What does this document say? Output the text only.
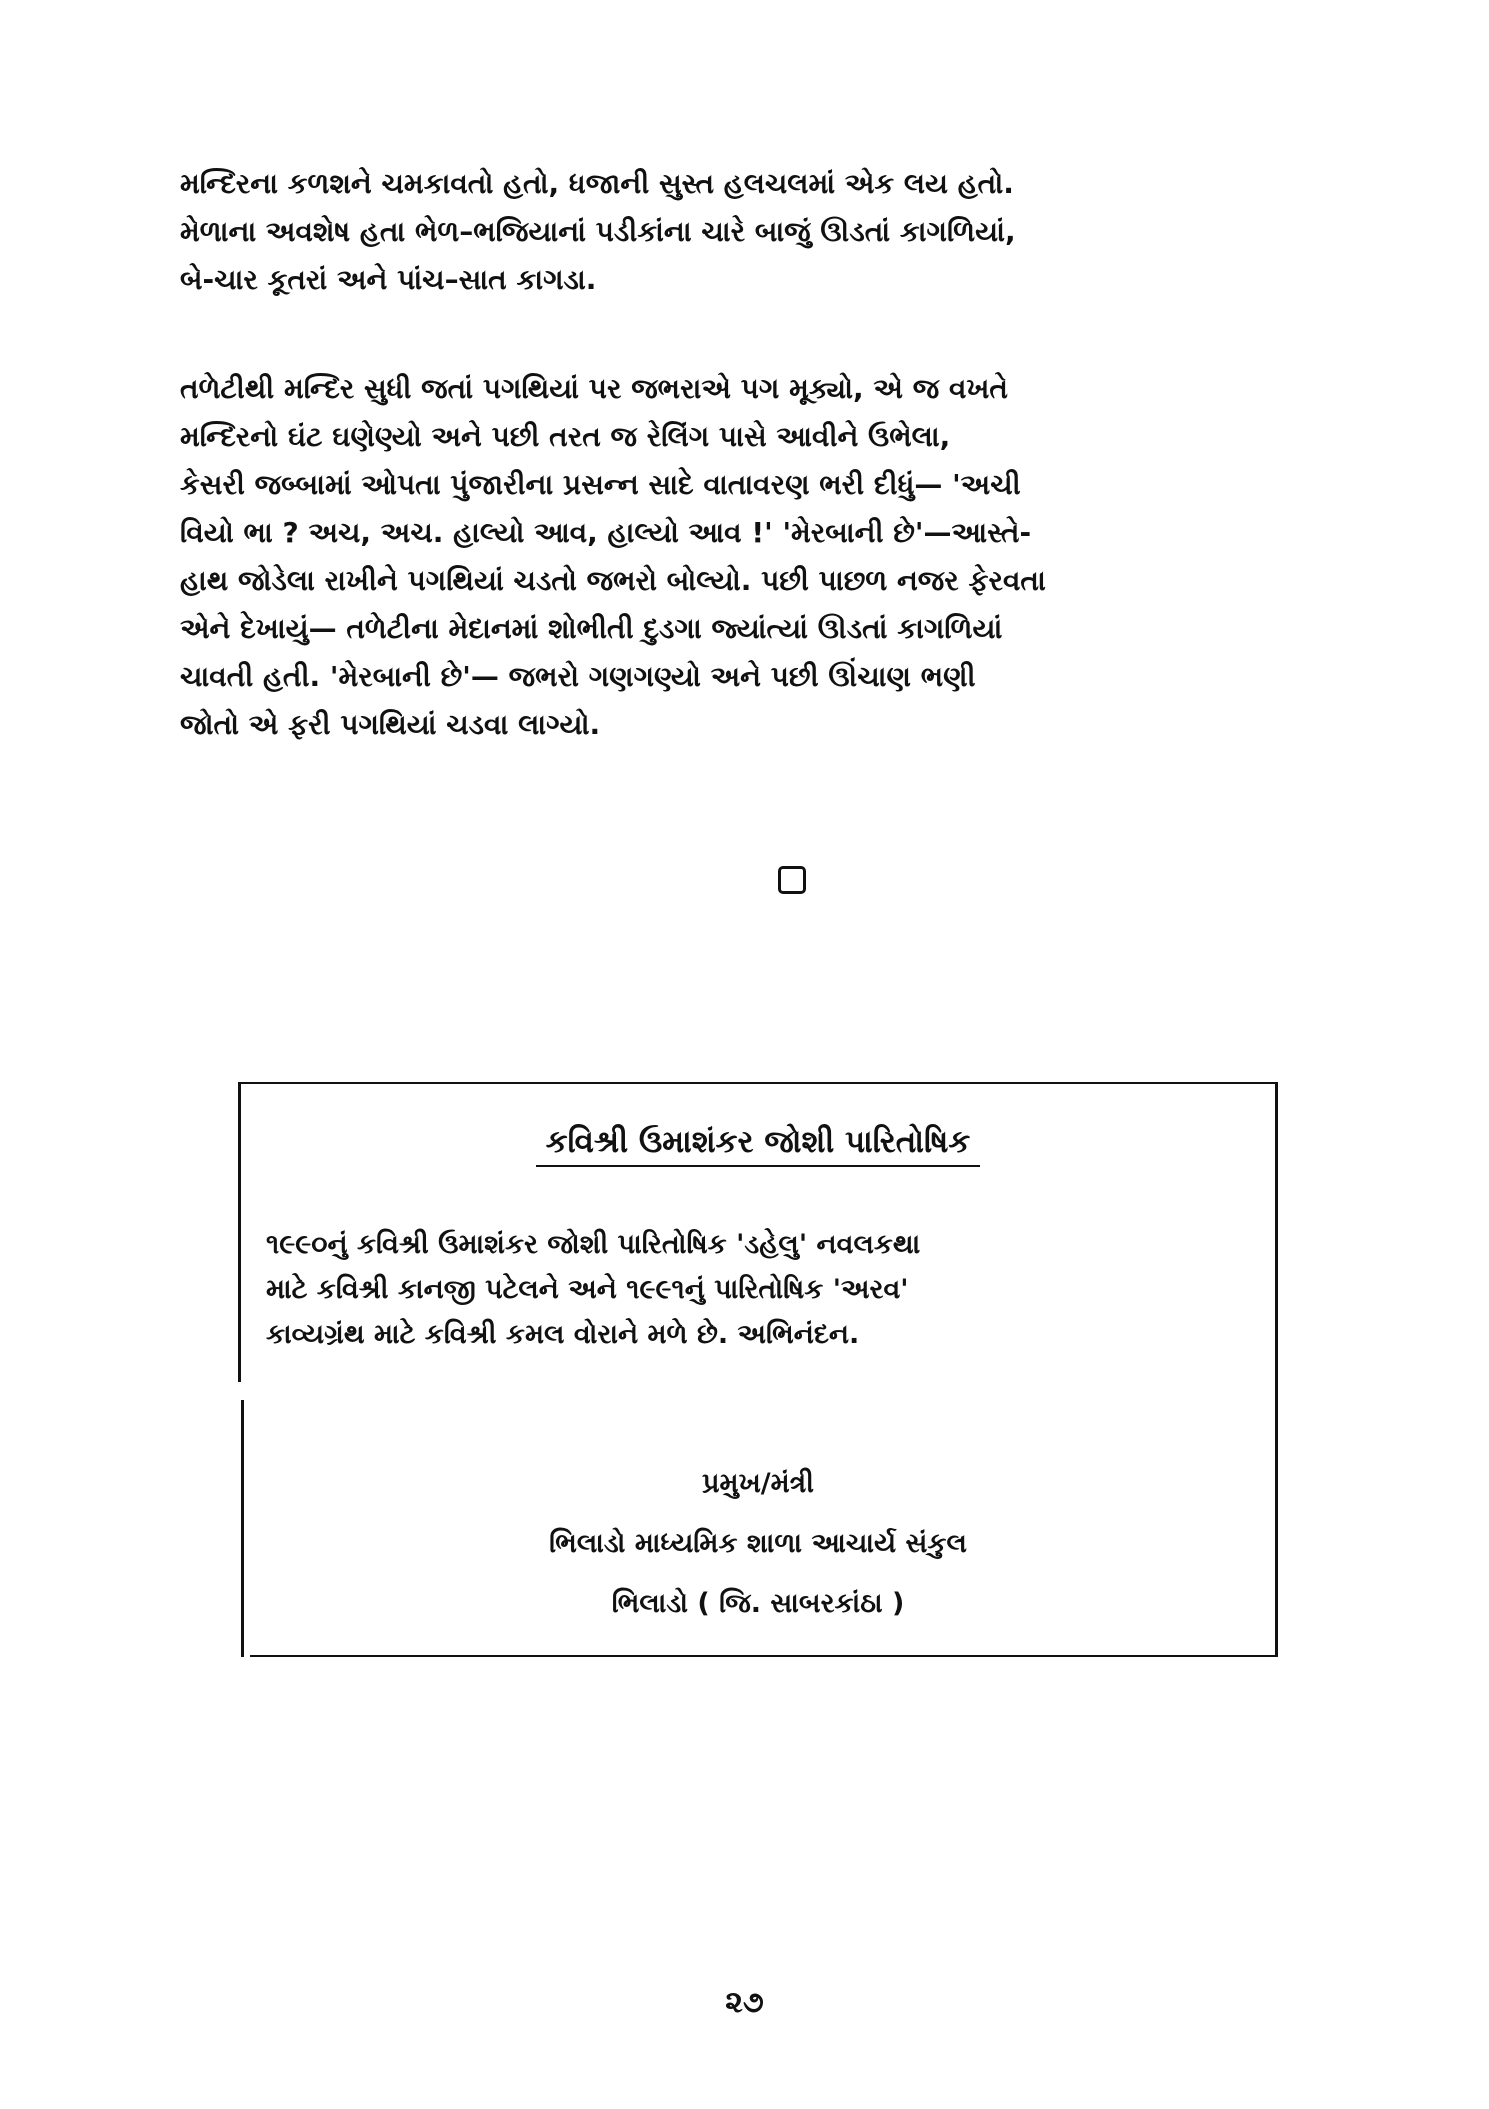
મન્દિરના કળશને ચમકાવતો હતો, ધજાની સુસ્ત હલચલમાં એક લય હતો.
મેળાના અવશેષ હતા ભેળ–ભજિયાનાં પડીકાંના ચારે બાજું ઊડતાં કાગળિયાં,
બે-ચાર કૂતરાં અને પાંચ–સાત કાગડા.
તળેટીથી મન્દિર સુધી જતાં પગથિયાં પર જભરાએ પગ મૂક્યો, એ જ વખતે
મન્દિરનો ઘંટ ઘણેણ્યો અને પછી તરત જ રેલિંગ પાસે આવીને ઉભેલા,
કેસરી જબ્બામાં ઓપતા પુંજારીના પ્રસન્ન સાદે વાતાવરણ ભરી દીધું— 'અચી
વિયો ભા ? અચ, અચ. હાલ્યો આવ, હાલ્યો આવ !' 'મેરબાની છે'—આસ્તે-
હાથ જોડેલા રાખીને પગથિયાં ચડતો જભરો બોલ્યો. પછી પાછળ નજર ફેરવતા
એને દેખાયું— તળેટીના મેદાનમાં શોભીતી દુડગા જ્યાંત્યાં ઊડતાં કાગળિયાં
ચાવતી હતી. 'મેરબાની છે'— જભરો ગણગણ્યો અને પછી ઊંચાણ ભણી
જોતો એ ફરી પગથિયાં ચડવા લાગ્યો.
કવિશ્રી ઉમાશંકર જોશી પારિતોષિક
૧૯૯૦નું કવિશ્રી ઉમાશંકર જોશી પારિતોષિક 'ડહેલુ' નવલકથા
માટે કવિશ્રી કાનજી પટેલને અને ૧૯૯૧નું પારિતોષિક 'અરવ'
કાવ્યગ્રંથ માટે કવિશ્રી કમલ વોરાને મળે છે. અભિનંદન.
પ્રમુખ/મંત્રી
ભિલાડો માધ્યમિક શાળા આચાર્ય સંકુલ
ભિલાડો ( જિ. સાબરકાંઠા )
૨૭
